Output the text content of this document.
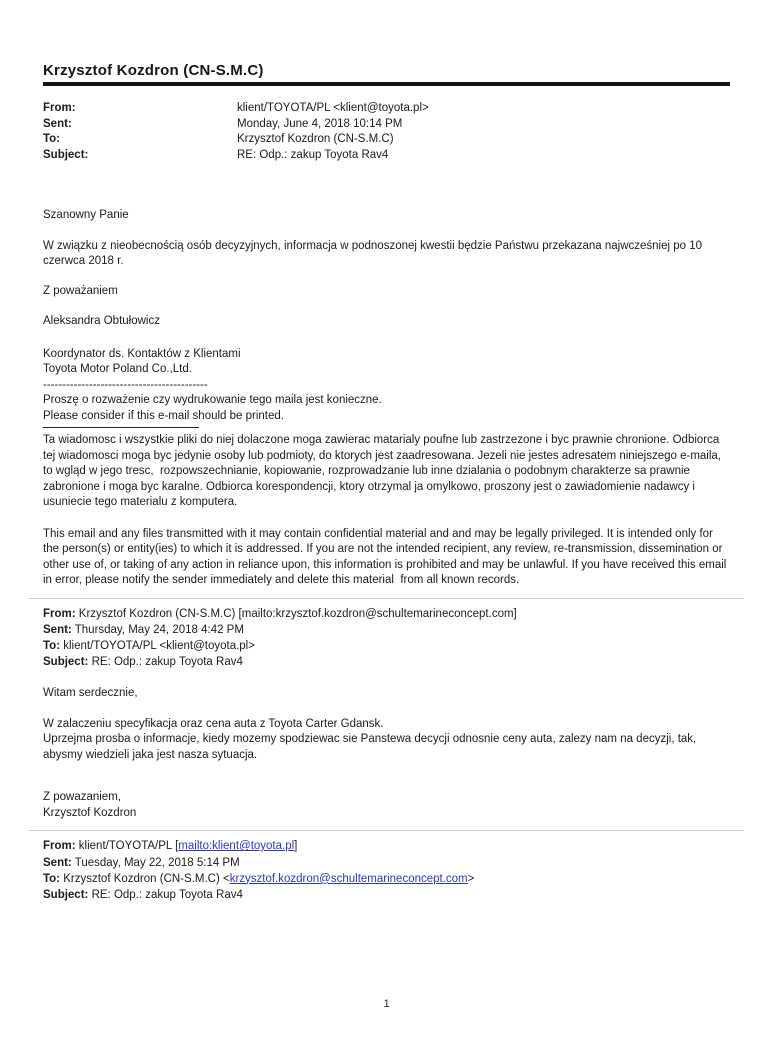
Krzysztof Kozdron (CN-S.M.C)
From:	klient/TOYOTA/PL <klient@toyota.pl>
Sent:	Monday, June 4, 2018 10:14 PM
To:	Krzysztof Kozdron (CN-S.M.C)
Subject:	RE: Odp.: zakup Toyota Rav4

Szanowny Panie

W związku z nieobecnością osób decyzyjnych, informacja w podnoszonej kwestii będzie Państwu przekazana najwcześniej po 10 czerwca 2018 r.

Z poważaniem

Aleksandra Obtułowicz

Koordynator ds. Kontaktów z Klientami

Toyota Motor Poland Co.,Ltd.

-------------------------------------------

Proszę o rozważenie czy wydrukowanie tego maila jest konieczne.

Please consider if this e-mail should be printed.

Ta wiadomosc i wszystkie pliki do niej dolaczone moga zawierac matarialy poufne lub zastrzezone i byc prawnie chronione. Odbiorca tej wiadomosci moga byc jedynie osoby lub podmioty, do ktorych jest zaadresowana. Jezeli nie jestes adresatem niniejszego e-maila, to wgląd w jego tresc,  rozpowszechnianie, kopiowanie, rozprowadzanie lub inne dzialania o podobnym charakterze sa prawnie zabronione i moga byc karalne. Odbiorca korespondencji, ktory otrzymal ja omylkowo, proszony jest o zawiadomienie nadawcy i usuniecie tego materialu z komputera.

This email and any files transmitted with it may contain confidential material and and may be legally privileged. It is intended only for the person(s) or entity(ies) to which it is addressed. If you are not the intended recipient, any review, re-transmission, dissemination or other use of, or taking of any action in reliance upon, this information is prohibited and may be unlawful. If you have received this email in error, please notify the sender immediately and delete this material  from all known records.

From: Krzysztof Kozdron (CN-S.M.C) [mailto:krzysztof.kozdron@schultemarineconcept.com]

Sent: Thursday, May 24, 2018 4:42 PM

To: klient/TOYOTA/PL <klient@toyota.pl>

Subject: RE: Odp.: zakup Toyota Rav4

Witam serdecznie,

W zalaczeniu specyfikacja oraz cena auta z Toyota Carter Gdansk.

Uprzejma prosba o informacje, kiedy mozemy spodziewac sie Panstewa decycji odnosnie ceny auta, zalezy nam na decyzji, tak, abysmy wiedzieli jaka jest nasza sytuacja.

Z powazaniem,

Krzysztof Kozdron

From: klient/TOYOTA/PL [mailto:klient@toyota.pl]

Sent: Tuesday, May 22, 2018 5:14 PM

To: Krzysztof Kozdron (CN-S.M.C) <krzysztof.kozdron@schultemarineconcept.com>

Subject: RE: Odp.: zakup Toyota Rav4

1
